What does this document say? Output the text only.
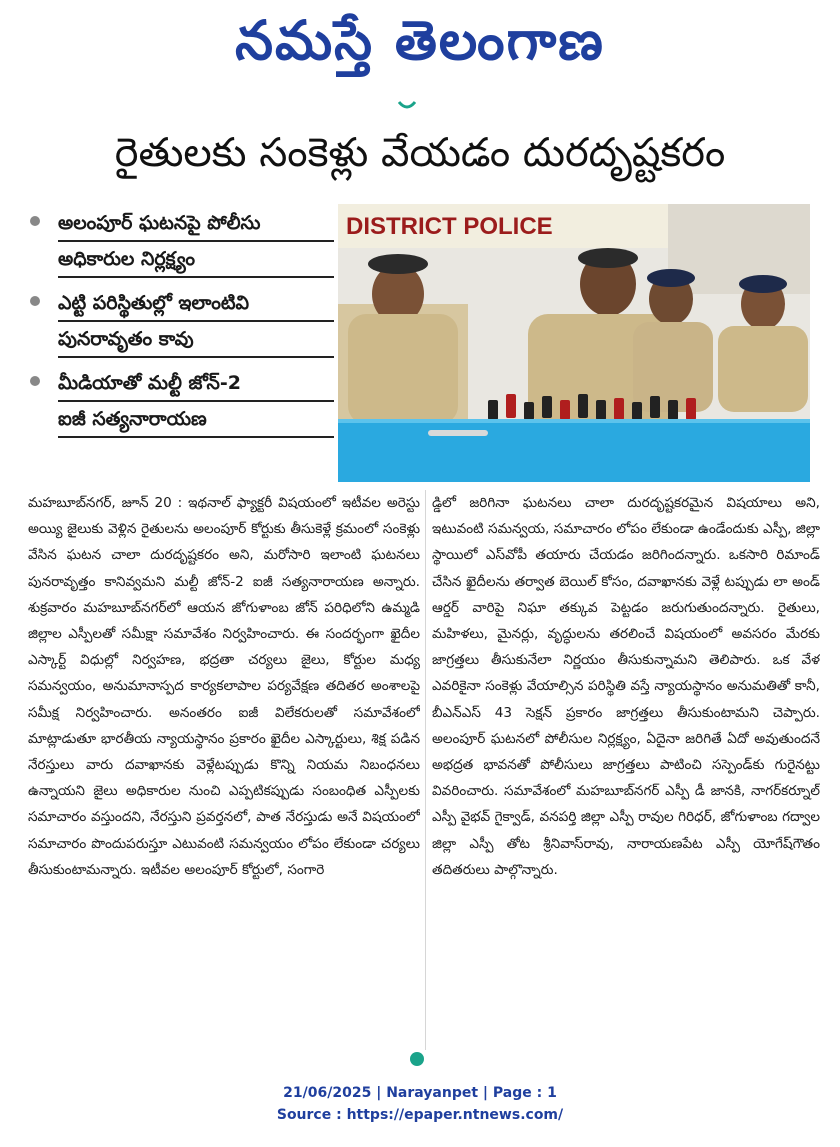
నమస్తే తెలంగాణ
రైతులకు సంకెళ్లు వేయడం దురదృష్టకరం
అలంపూర్ ఘటనపై పోలీసు
అధికారుల నిర్లక్ష్యం
ఎట్టి పరిస్థితుల్లో ఇలాంటివి
పునరావృతం కావు
మీడియాతో మల్టీ జోన్-2
ఐజీ సత్యనారాయణ
DISTRICT POLICE
మహబూబ్‌నగర్, జూన్ 20 : ఇథనాల్ ఫ్యాక్టరీ విషయంలో ఇటీవల అరెస్టు అయ్యి జైలుకు వెళ్లిన రైతులను అలంపూర్ కోర్టుకు తీసుకెళ్లే క్రమంలో సంకెళ్లు వేసిన ఘటన చాలా దురదృష్టకరం అని, మరోసారి ఇలాంటి ఘటనలు పునరావృత్తం కానివ్వమని మల్టీ జోన్-2 ఐజీ సత్యనారాయణ అన్నారు. శుక్రవారం మహబూబ్‌నగర్‌లో ఆయన జోగుళాంబ జోన్ పరిధిలోని ఉమ్మడి జిల్లాల ఎస్పీలతో సమీక్షా సమావేశం నిర్వహించారు. ఈ సందర్భంగా ఖైదీల ఎస్కార్ట్ విధుల్లో నిర్వహణ, భద్రతా చర్యలు జైలు, కోర్టుల మధ్య సమన్వయం, అనుమానాస్పద కార్యకలాపాల పర్యవేక్షణ తదితర అంశాలపై సమీక్ష నిర్వహించారు. అనంతరం ఐజీ విలేకరులతో సమావేశంలో మాట్లాడుతూ భారతీయ న్యాయస్థానం ప్రకారం ఖైదీల ఎస్కార్టులు, శిక్ష పడిన నేరస్తులు వారు దవాఖానకు వెళ్లేటప్పుడు కొన్ని నియమ నిబంధనలు ఉన్నాయని జైలు అధికారుల నుంచి ఎప్పటికప్పుడు సంబంధిత ఎస్పీలకు సమాచారం వస్తుందని, నేరస్తుని ప్రవర్తనలో, పాత నేరస్తుడు అనే విషయంలో సమాచారం పొందుపరుస్తూ ఎటువంటి సమన్వయం లోపం లేకుండా చర్యలు తీసుకుంటామన్నారు. ఇటీవల అలంపూర్ కోర్టులో, సంగారె
డ్డిలో జరిగినా ఘటనలు చాలా దురదృష్టకరమైన విషయాలు అని, ఇటువంటి సమన్వయ, సమాచారం లోపం లేకుండా ఉండేందుకు ఎస్పీ, జిల్లా స్థాయిలో ఎస్‌వోపీ తయారు చేయడం జరిగిందన్నారు. ఒకసారి రిమాండ్ చేసిన ఖైదీలను తర్వాత బెయిల్ కోసం, దవాఖానకు వెళ్లే టప్పుడు లా అండ్ ఆర్డర్ వారిపై నిఘా తక్కువ పెట్టడం జరుగుతుందన్నారు. రైతులు, మహిళలు, మైనర్లు, వృద్ధులను తరలించే విషయంలో అవసరం మేరకు జాగ్రత్తలు తీసుకునేలా నిర్ణయం తీసుకున్నామని తెలిపారు. ఒక వేళ ఎవరికైనా సంకెళ్లు వేయాల్సిన పరిస్థితి వస్తే న్యాయస్థానం అనుమతితో కానీ, బీఎన్ఎస్ 43 సెక్షన్ ప్రకారం జాగ్రత్తలు తీసుకుంటామని చెప్పారు. అలంపూర్ ఘటనలో పోలీసుల నిర్లక్ష్యం, ఏదైనా జరిగితే ఏదో అవుతుందనే అభద్రత భావనతో పోలీసులు జాగ్రత్తలు పాటించి సస్పెండ్‌కు గురైనట్టు వివరించారు. సమావేశంలో మహబూబ్‌నగర్ ఎస్పీ డీ జానకి, నాగర్‌కర్నూల్ ఎస్పీ వైభవ్ గైక్వాడ్, వనపర్తి జిల్లా ఎస్పీ రావుల గిరిధర్, జోగుళాంబ గద్వాల జిల్లా ఎస్పీ తోట శ్రీనివాస్‌రావు, నారాయణపేట ఎస్పీ యోగేష్‌గౌతం తదితరులు పాల్గొన్నారు.
21/06/2025 | Narayanpet | Page : 1
Source : https://epaper.ntnews.com/
